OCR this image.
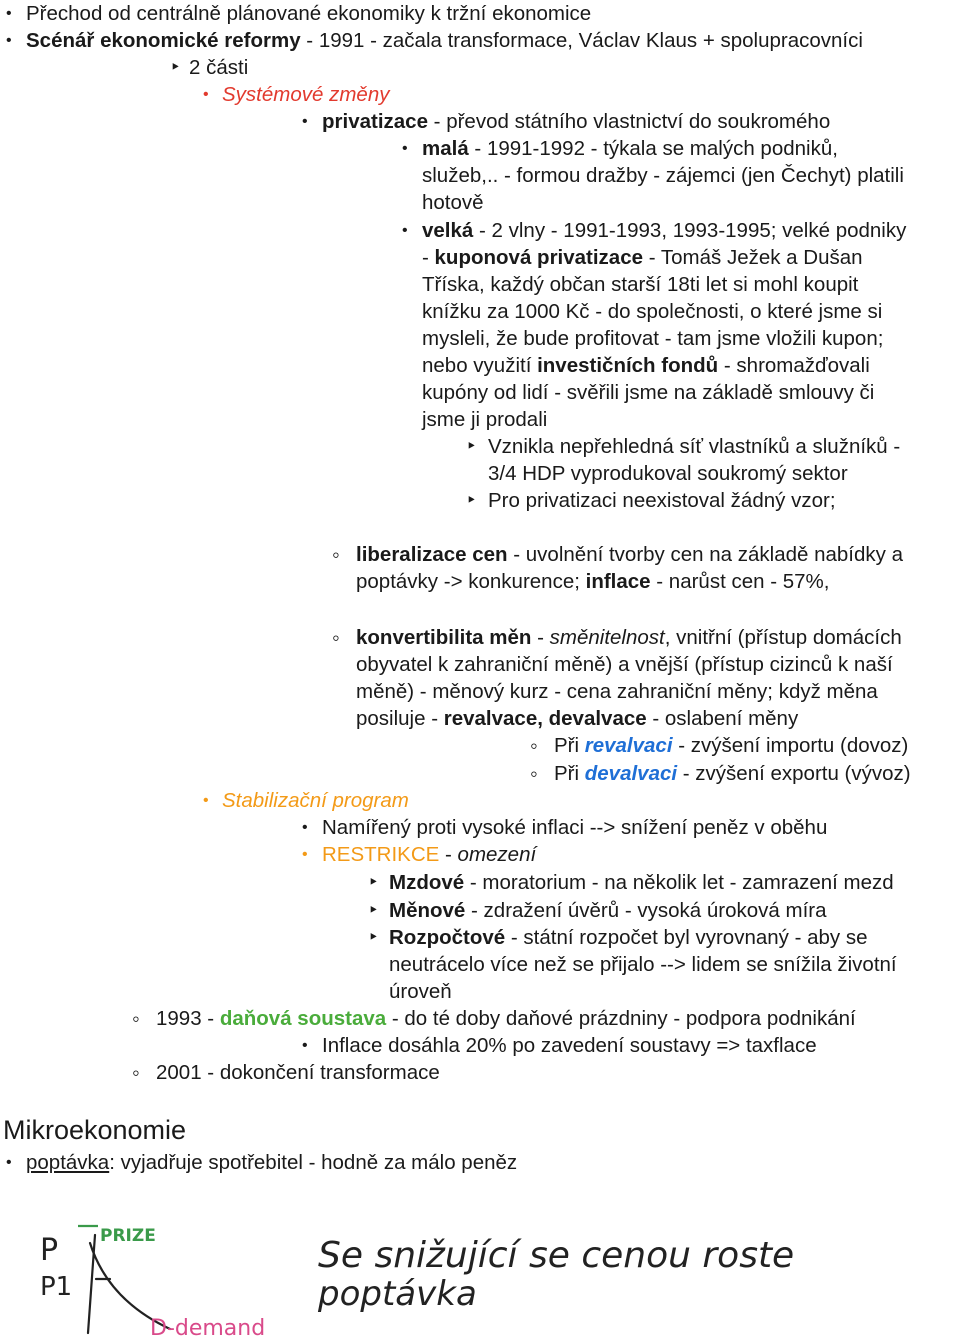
•
Přechod od centrálně plánované ekonomiky k tržní ekonomice
•
Scénář ekonomické reformy - 1991 - začala transformace, Václav Klaus + spolupracovníci
‣
2 části
•
Systémové změny
•
privatizace - převod státního vlastnictví do soukromého
•
malá - 1991-1992 - týkala se malých podniků,
služeb,.. - formou dražby - zájemci (jen Čechyt) platili
hotově
•
velká - 2 vlny - 1991-1993, 1993-1995; velké podniky
- kuponová privatizace - Tomáš Ježek a Dušan
Tříska, každý občan starší 18ti let si mohl koupit
knížku za 1000 Kč - do společnosti, o které jsme si
mysleli, že bude profitovat - tam jsme vložili kupon;
nebo využití investičních fondů - shromažďovali
kupóny od lidí - svěřili jsme na základě smlouvy či
jsme ji prodali
‣
Vznikla nepřehledná síť vlastníků a služníků -
3/4 HDP vyprodukoval soukromý sektor
‣
Pro privatizaci neexistoval žádný vzor;
◦
liberalizace cen - uvolnění tvorby cen na základě nabídky a
poptávky -> konkurence; inflace - narůst cen - 57%,
◦
konvertibilita měn - směnitelnost, vnitřní (přístup domácích
obyvatel k zahraniční měně) a vnější (přístup cizinců k naší
měně) - měnový kurz - cena zahraniční měny; když měna
posiluje - revalvace, devalvace - oslabení měny
◦
Při revalvaci - zvýšení importu (dovoz)
◦
Při devalvaci - zvýšení exportu (vývoz)
•
Stabilizační program
•
Namířený proti vysoké inflaci --> snížení peněz v oběhu
•
RESTRIKCE - omezení
‣
Mzdové - moratorium - na několik let - zamrazení mezd
‣
Měnové - zdražení úvěrů - vysoká úroková míra
‣
Rozpočtové - státní rozpočet byl vyrovnaný - aby se
neutrácelo více než se přijalo --> lidem se snížila životní
úroveň
◦
1993 - daňová soustava - do té doby daňové prázdniny - podpora podnikání
•
Inflace dosáhla 20% po zavedení soustavy => taxflace
◦
2001 - dokončení transformace
Mikroekonomie
•
poptávka: vyjadřuje spotřebitel - hodně za málo peněz
P
P1
PRIZE
D-demand
Se snižující se cenou roste
poptávka
